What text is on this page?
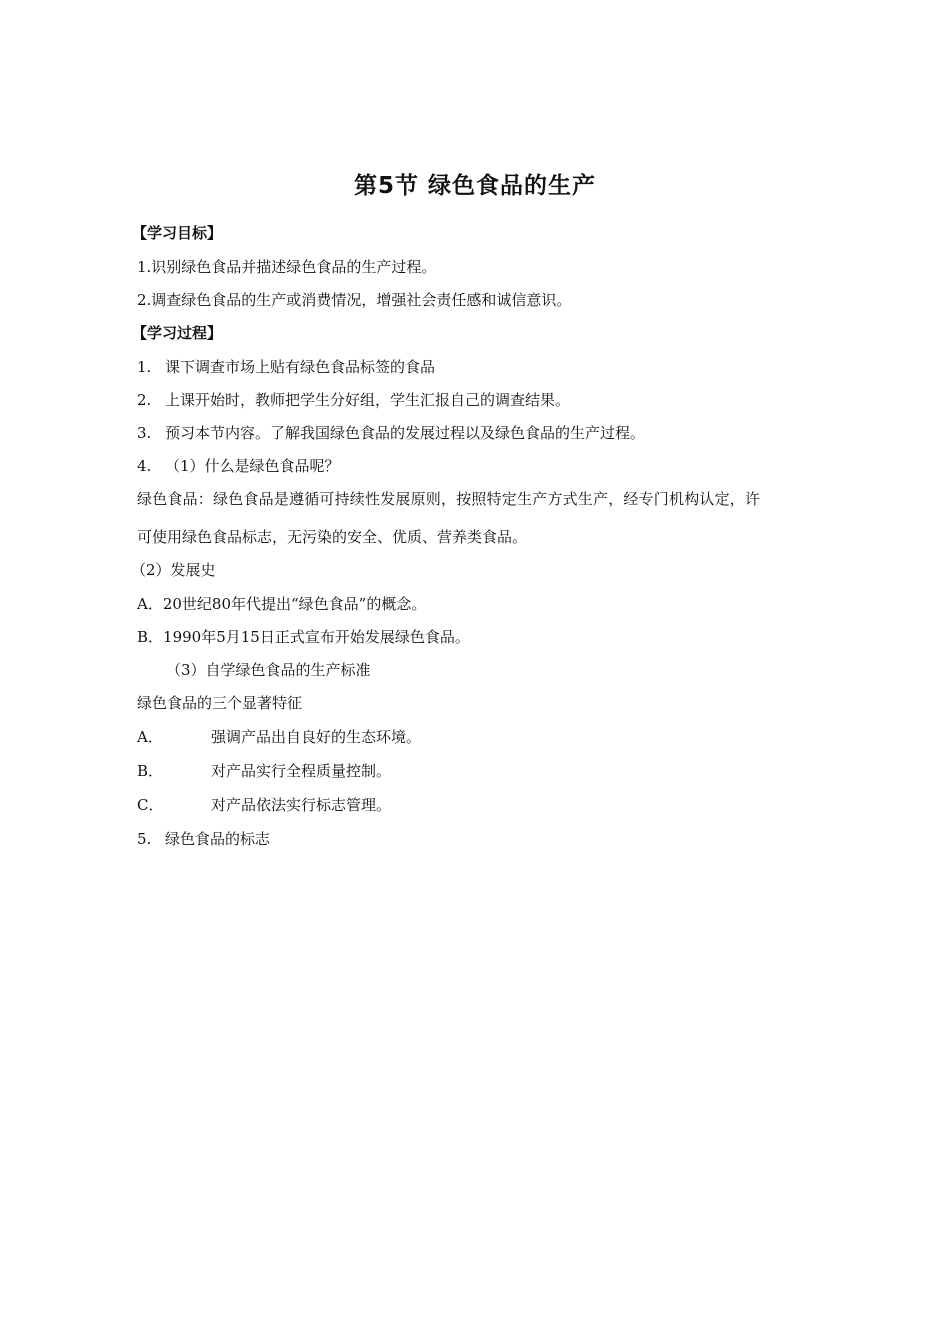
第5节 绿色食品的生产

【学习目标】

1.识别绿色食品并描述绿色食品的生产过程。

2.调查绿色食品的生产或消费情况，增强社会责任感和诚信意识。

【学习过程】

1. 课下调查市场上贴有绿色食品标签的食品

2. 上课开始时，教师把学生分好组，学生汇报自己的调查结果。

3. 预习本节内容。了解我国绿色食品的发展过程以及绿色食品的生产过程。

4. （1）什么是绿色食品呢？

绿色食品：绿色食品是遵循可持续性发展原则，按照特定生产方式生产，经专门机构认定，许

可使用绿色食品标志，无污染的安全、优质、营养类食品。

（2）发展史

A．20世纪80年代提出“绿色食品”的概念。

B．1990年5月15日正式宣布开始发展绿色食品。

（3）自学绿色食品的生产标准

绿色食品的三个显著特征

A．	强调产品出自良好的生态环境。

B．	对产品实行全程质量控制。

C．	对产品依法实行标志管理。

5. 绿色食品的标志
